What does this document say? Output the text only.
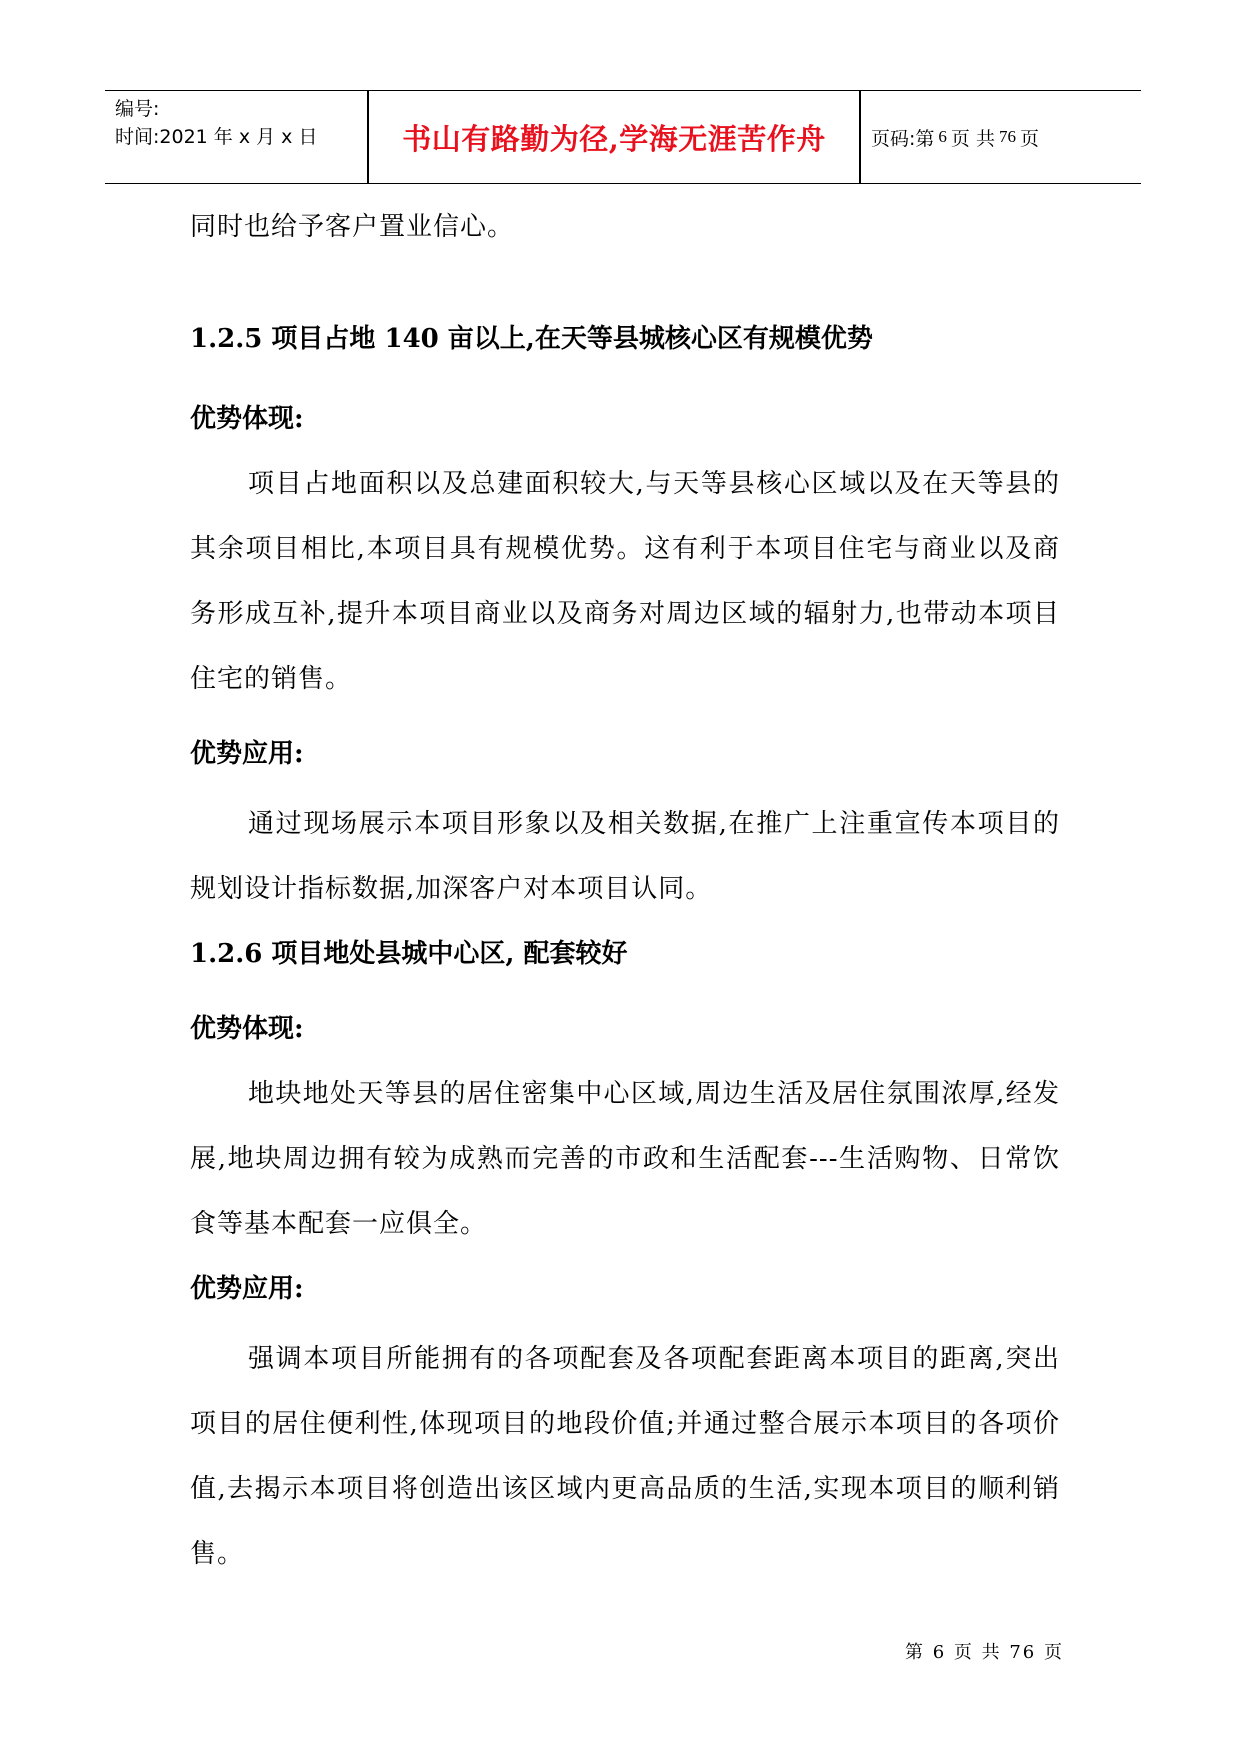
编号:
时间:2021 年 x 月 x 日	书山有路勤为径,学海无涯苦作舟	页码:第 6 页 共 76 页

同时也给予客户置业信心。

1.2.5 项目占地 140 亩以上,在天等县城核心区有规模优势

优势体现:

项目占地面积以及总建面积较大,与天等县核心区域以及在天等县的其余项目相比,本项目具有规模优势。这有利于本项目住宅与商业以及商务形成互补,提升本项目商业以及商务对周边区域的辐射力,也带动本项目住宅的销售。

优势应用:

通过现场展示本项目形象以及相关数据,在推广上注重宣传本项目的规划设计指标数据,加深客户对本项目认同。

1.2.6 项目地处县城中心区, 配套较好

优势体现:

地块地处天等县的居住密集中心区域,周边生活及居住氛围浓厚,经发展,地块周边拥有较为成熟而完善的市政和生活配套---生活购物、日常饮食等基本配套一应俱全。

优势应用:

强调本项目所能拥有的各项配套及各项配套距离本项目的距离,突出项目的居住便利性,体现项目的地段价值;并通过整合展示本项目的各项价值,去揭示本项目将创造出该区域内更高品质的生活,实现本项目的顺利销售。

第 6 页 共 76 页
